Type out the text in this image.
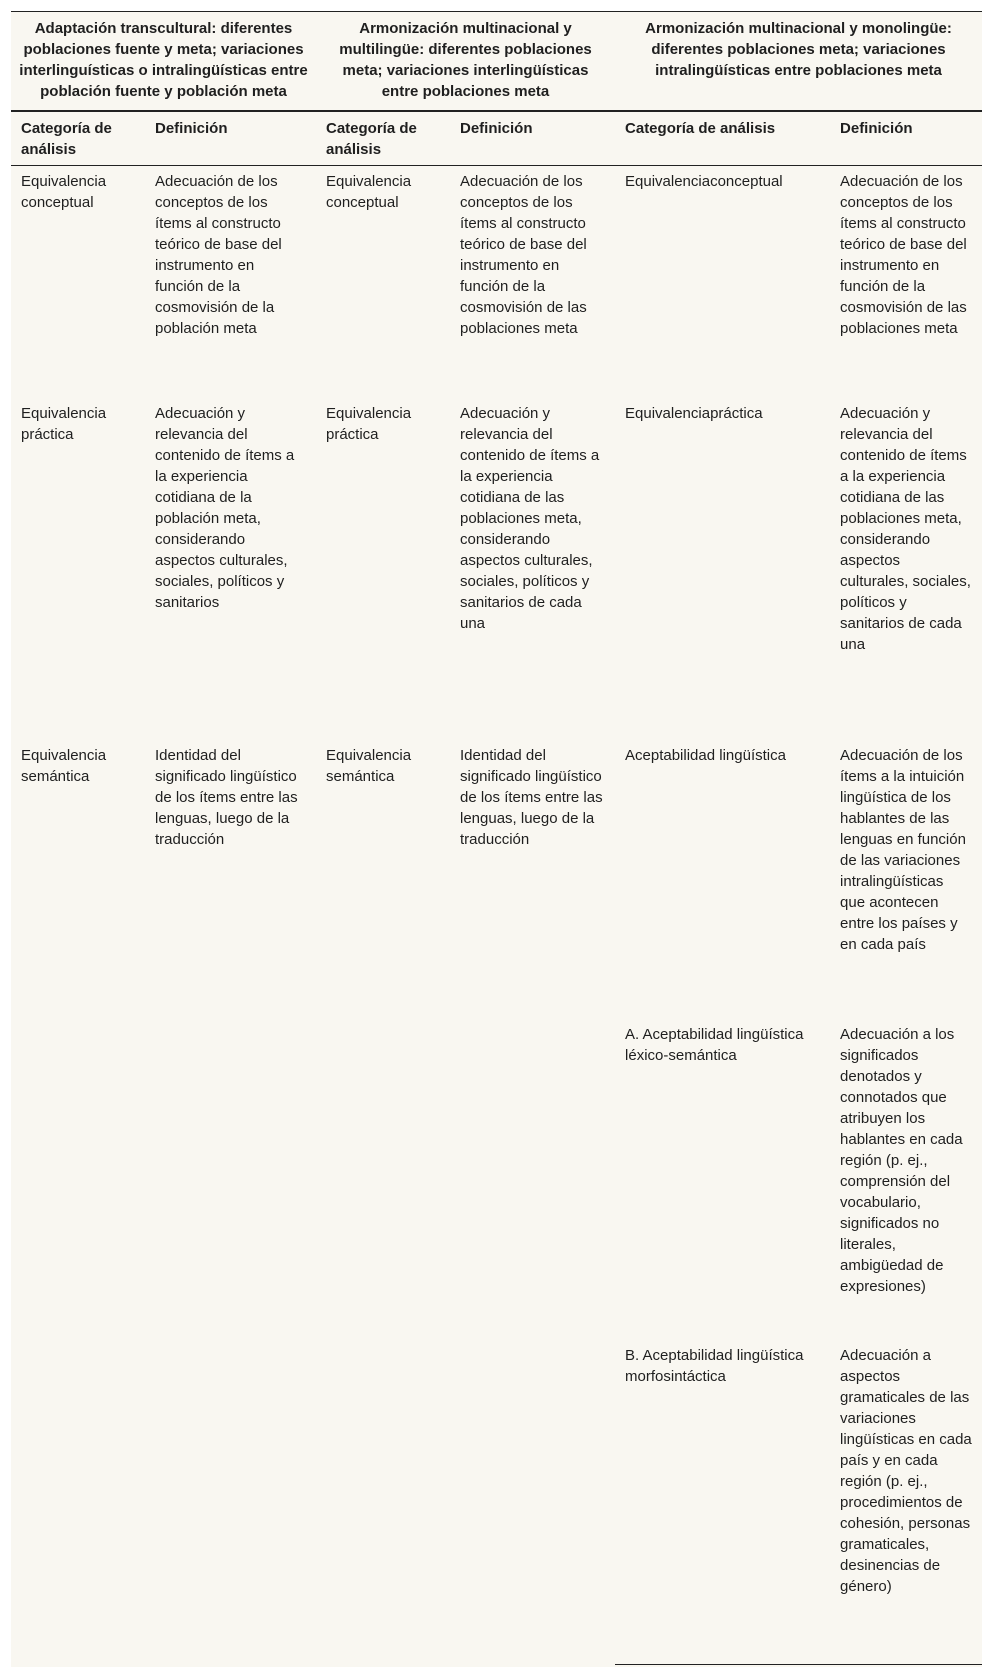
Adaptación transcultural: diferentes poblaciones fuente y meta; variaciones interlinguísticas o intralingüísticas entre población fuente y población meta		Armonización multinacional y multilingüe: diferentes poblaciones meta; variaciones interlingüísticas entre poblaciones meta		Armonización multinacional y monolingüe: diferentes poblaciones meta; variaciones intralingüísticas entre poblaciones meta	
Categoría de análisis	Definición	Categoría de análisis	Definición	Categoría de análisis	Definición
Equivalencia conceptual	Adecuación de los conceptos de los ítems al constructo teórico de base del instrumento en función de la cosmovisión de la población meta	Equivalencia conceptual	Adecuación de los conceptos de los ítems al constructo teórico de base del instrumento en función de la cosmovisión de las poblaciones meta	Equivalenciaconceptual	Adecuación de los conceptos de los ítems al constructo teórico de base del instrumento en función de la cosmovisión de las poblaciones meta
Equivalencia práctica	Adecuación y relevancia del contenido de ítems a la experiencia cotidiana de la población meta, considerando aspectos culturales, sociales, políticos y sanitarios	Equivalencia práctica	Adecuación y relevancia del contenido de ítems a la experiencia cotidiana de las poblaciones meta, considerando aspectos culturales, sociales, políticos y sanitarios de cada una	Equivalenciapráctica	Adecuación y relevancia del contenido de ítems a la experiencia cotidiana de las poblaciones meta, considerando aspectos culturales, sociales, políticos y sanitarios de cada una
Equivalencia semántica	Identidad del significado lingüístico de los ítems entre las lenguas, luego de la traducción	Equivalencia semántica	Identidad del significado lingüístico de los ítems entre las lenguas, luego de la traducción	Aceptabilidad lingüística	Adecuación de los ítems a la intuición lingüística de los hablantes de las lenguas en función de las variaciones intralingüísticas que acontecen entre los países y en cada país
				A. Aceptabilidad lingüística léxico-semántica	Adecuación a los significados denotados y connotados que atribuyen los hablantes en cada región (p. ej., comprensión del vocabulario, significados no literales, ambigüedad de expresiones)
				B. Aceptabilidad lingüística morfosintáctica	Adecuación a aspectos gramaticales de las variaciones lingüísticas en cada país y en cada región (p. ej., procedimientos de cohesión, personas gramaticales, desinencias de género)
